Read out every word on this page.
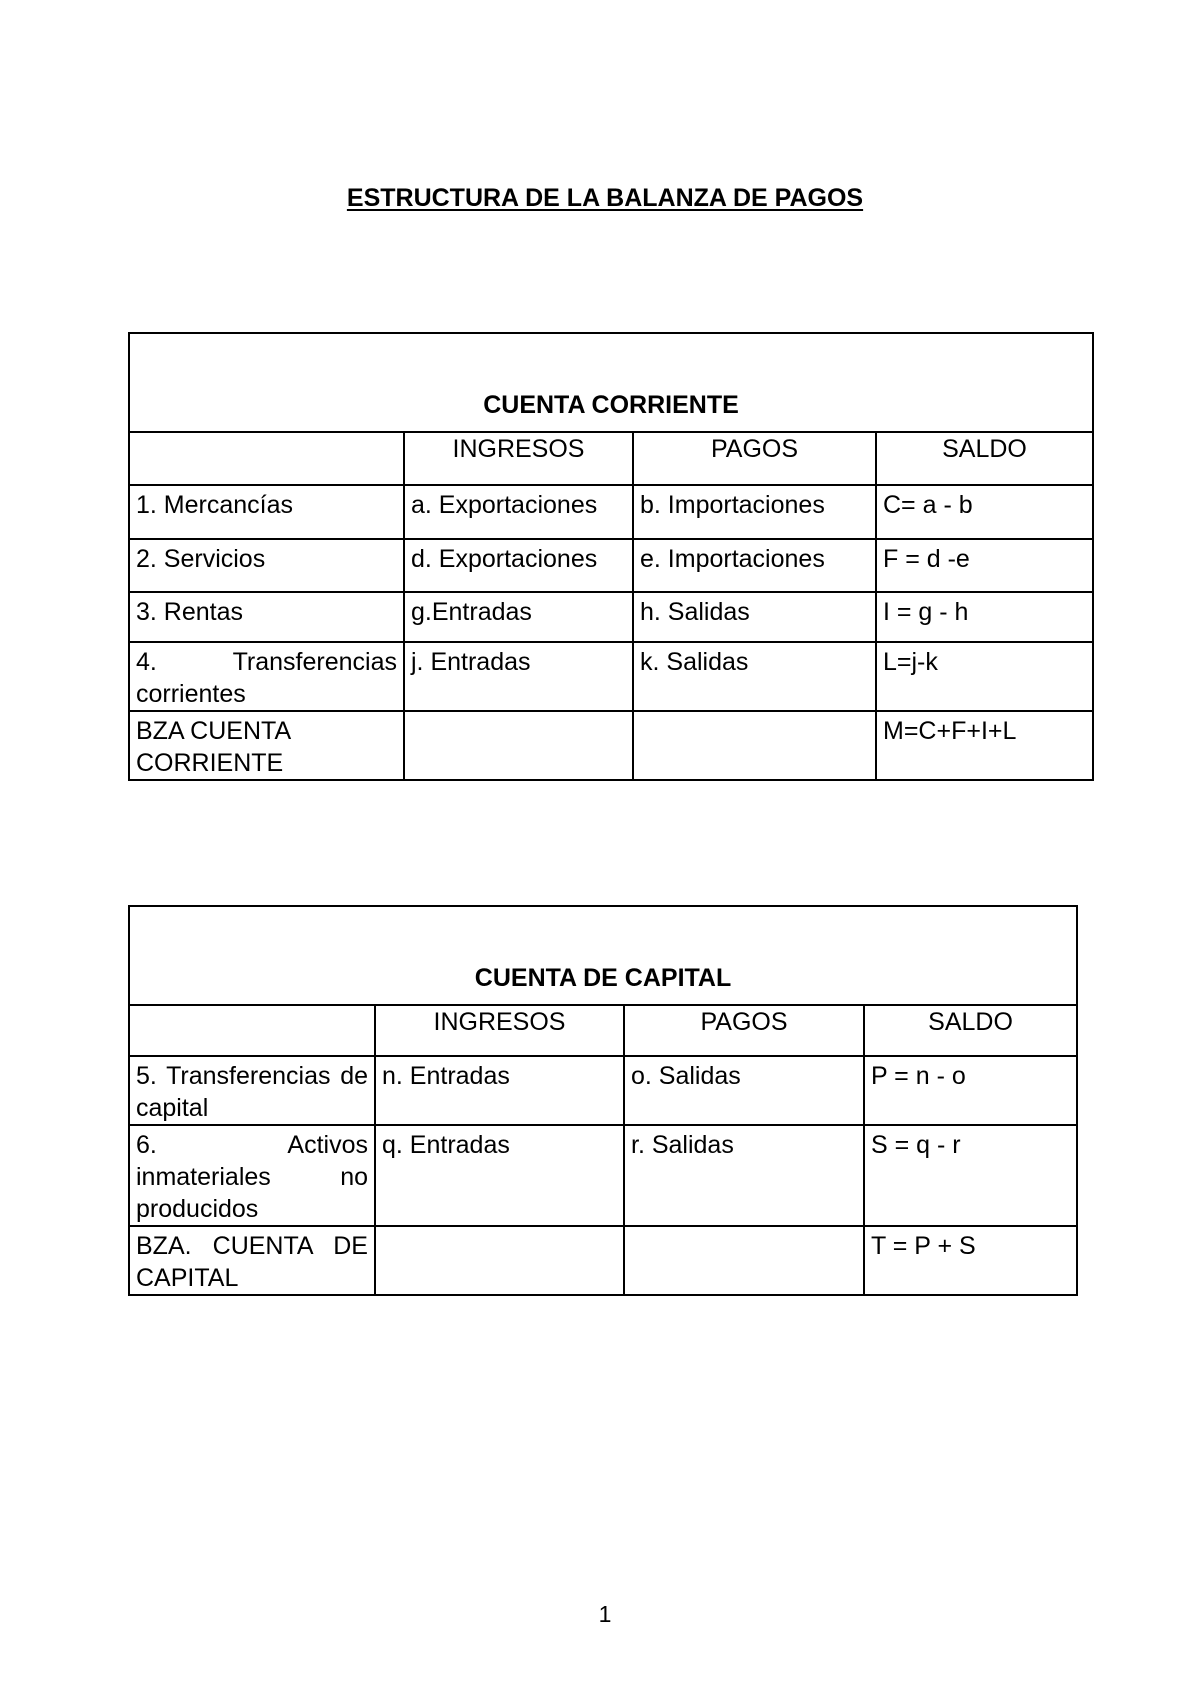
ESTRUCTURA DE LA BALANZA DE PAGOS
CUENTA CORRIENTE			
	INGRESOS	PAGOS	SALDO
1. Mercancías	a. Exportaciones	b. Importaciones	C= a - b
2. Servicios	d. Exportaciones	e. Importaciones	F = d -e
3. Rentas	g.Entradas	h. Salidas	I = g - h
4. Transferencias corrientes	j. Entradas	k. Salidas	L=j-k
BZA CUENTA CORRIENTE			M=C+F+I+L
CUENTA DE CAPITAL			
	INGRESOS	PAGOS	SALDO
5. Transferencias de capital	n. Entradas	o. Salidas	P = n - o
6. Activos inmateriales no producidos	q. Entradas	r. Salidas	S = q - r
BZA. CUENTA DE CAPITAL			T = P + S
1
